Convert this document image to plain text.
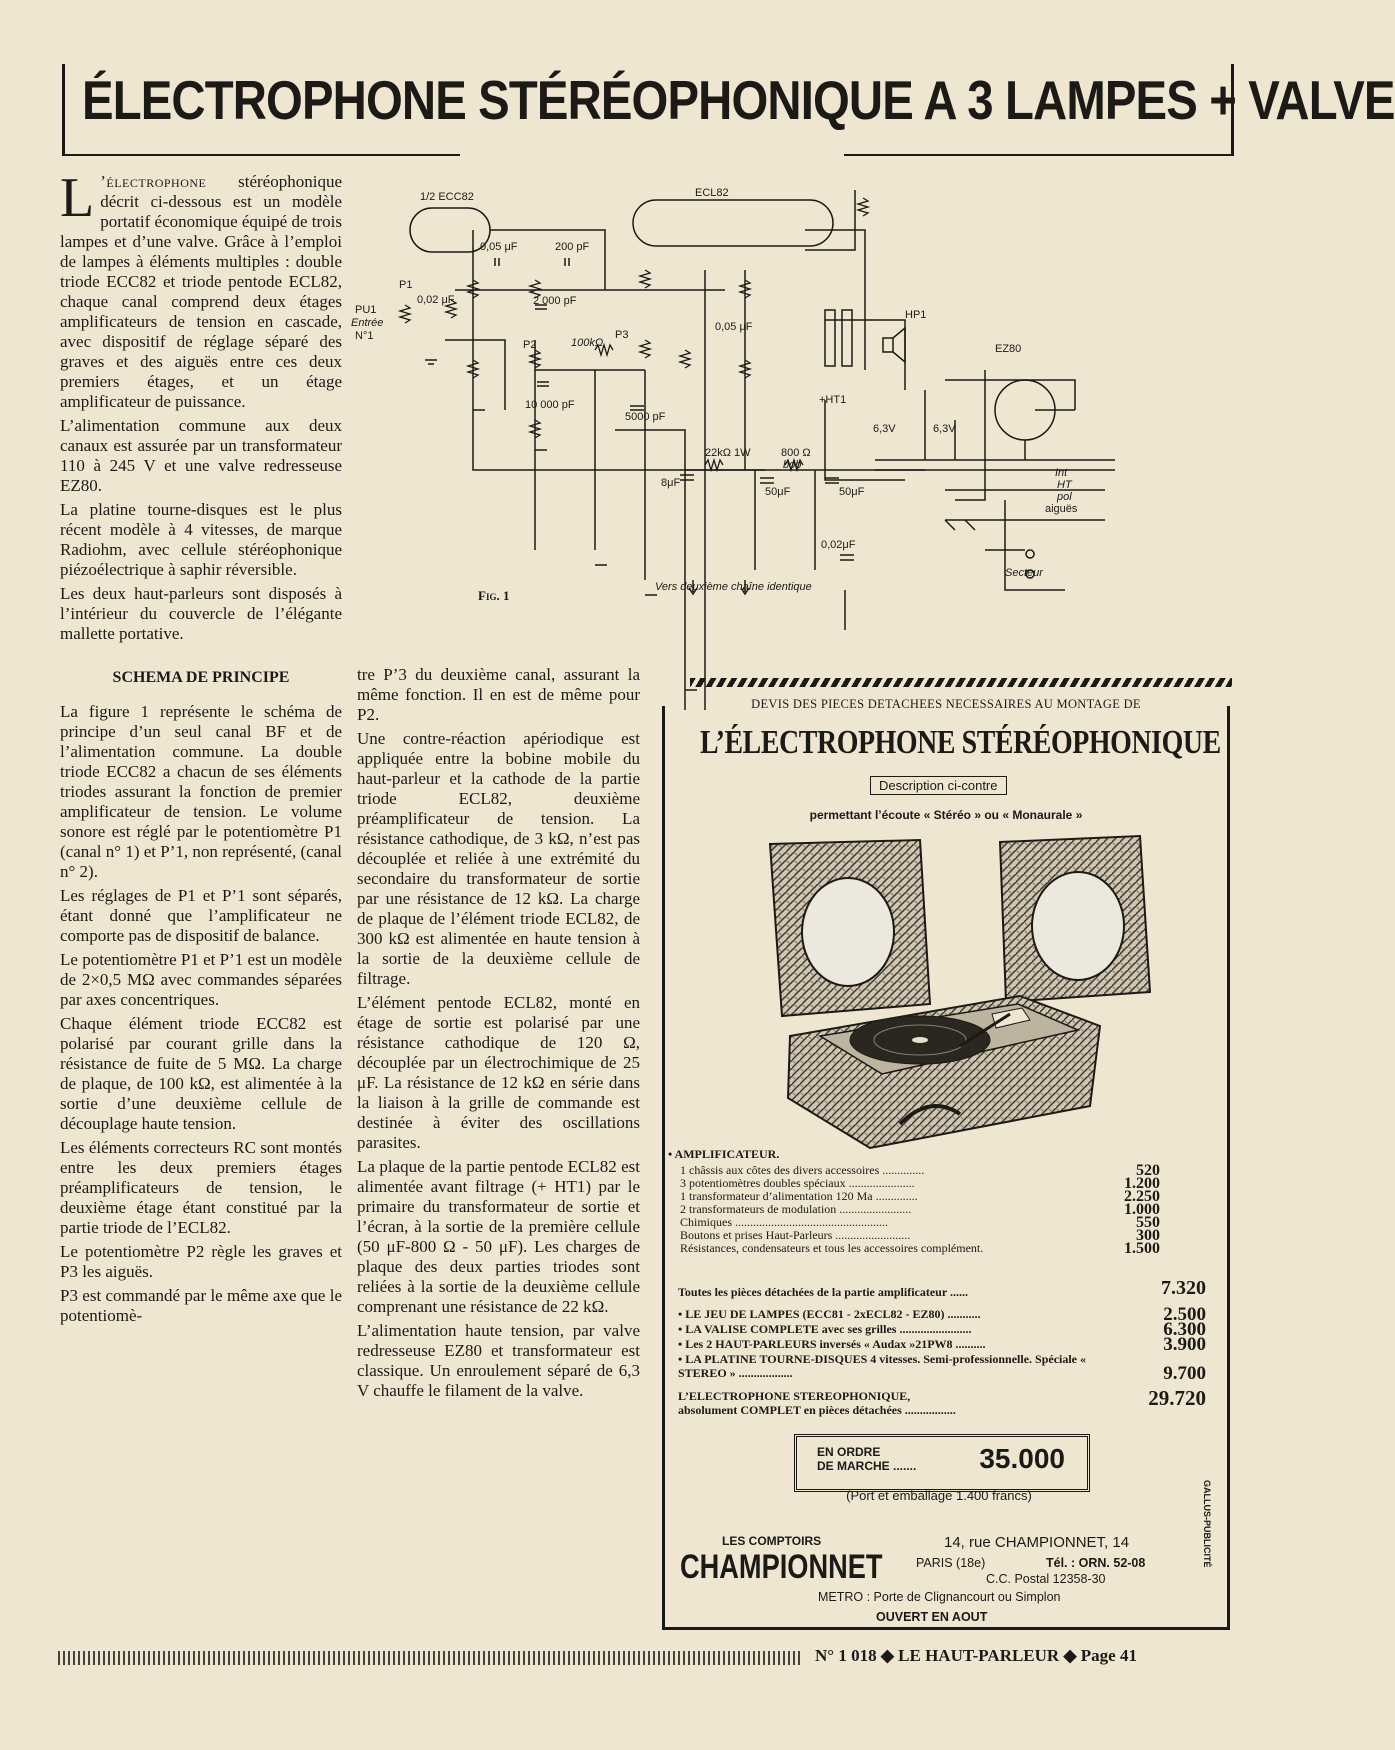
ÉLECTROPHONE STÉRÉOPHONIQUE A 3 LAMPES + VALVE

L ’électrophone stéréophonique décrit ci-dessous est un modèle portatif économique équipé de trois lampes et d’une valve. Grâce à l’emploi de lampes à éléments multiples : double triode ECC82 et triode pentode ECL82, chaque canal comprend deux étages amplificateurs de tension en cascade, avec dispositif de réglage séparé des graves et des aiguës entre ces deux premiers étages, et un étage amplificateur de puissance.

L’alimentation commune aux deux canaux est assurée par un transformateur 110 à 245 V et une valve redresseuse EZ80.

La platine tourne-disques est le plus récent modèle à 4 vitesses, de marque Radiohm, avec cellule stéréophonique piézoélectrique à saphir réversible.

Les deux haut-parleurs sont disposés à l’intérieur du couvercle de l’élégante mallette portative.

SCHEMA DE PRINCIPE

La figure 1 représente le schéma de principe d’un seul canal BF et de l’alimentation commune. La double triode ECC82 a chacun de ses éléments triodes assurant la fonction de premier amplificateur de tension. Le volume sonore est réglé par le potentiomètre P1 (canal n° 1) et P’1, non représenté, (canal n° 2).

Les réglages de P1 et P’1 sont séparés, étant donné que l’amplificateur ne comporte pas de dispositif de balance.

Le potentiomètre P1 et P’1 est un modèle de 2×0,5 MΩ avec commandes séparées par axes concentriques.

Chaque élément triode ECC82 est polarisé par courant grille dans la résistance de fuite de 5 MΩ. La charge de plaque, de 100 kΩ, est alimentée à la sortie d’une deuxième cellule de découplage haute tension.

Les éléments correcteurs RC sont montés entre les deux premiers étages préamplificateurs de tension, le deuxième étage étant constitué par la partie triode de l’ECL82.

Le potentiomètre P2 règle les graves et P3 les aiguës.

P3 est commandé par le même axe que le potentiomè-

tre P’3 du deuxième canal, assurant la même fonction. Il en est de même pour P2.

Une contre-réaction apériodique est appliquée entre la bobine mobile du haut-parleur et la cathode de la partie triode ECL82, deuxième préamplificateur de tension. La résistance cathodique, de 3 kΩ, n’est pas découplée et reliée à une extrémité du secondaire du transformateur de sortie par une résistance de 12 kΩ. La charge de plaque de l’élément triode ECL82, de 300 kΩ est alimentée en haute tension à la sortie de la deuxième cellule de filtrage.

L’élément pentode ECL82, monté en étage de sortie est polarisé par une résistance cathodique de 120 Ω, découplée par un électrochimique de 25 μF. La résistance de 12 kΩ en série dans la liaison à la grille de commande est destinée à éviter des oscillations parasites.

La plaque de la partie pentode ECL82 est alimentée avant filtrage (+ HT1) par le primaire du transformateur de sortie et l’écran, à la sortie de la première cellule (50 μF-800 Ω - 50 μF). Les charges de plaque des deux parties triodes sont reliées à la sortie de la deuxième cellule comprenant une résistance de 22 kΩ.

L’alimentation haute tension, par valve redresseuse EZ80 et transformateur est classique. Un enroulement séparé de 6,3 V chauffe le filament de la valve.

1/2 ECC82	ECL82
PU1
Entrée
N°1
P1
0,02 μF
0,05 μF	200 pF
2 000 pF
10 000 pF
5000 pF
P2	100kΩ
P3
0,05 μF
+HT1
HP1
EZ80
6,3V	6,3V
22kΩ 1W	800 Ω
bob
8μF
50μF	50μF
0,02μF
Int
HT
pol
aiguës
Secteur
Vers deuxième chaîne identique
Fig. 1
DEVIS DES PIECES DETACHEES NECESSAIRES AU MONTAGE DE
L’ÉLECTROPHONE STÉRÉOPHONIQUE
Description ci-contre
permettant l’écoute « Stéréo » ou « Monaurale »
• AMPLIFICATEUR.
1 châssis aux côtes des divers accessoires ..............	520
3 potentiomètres doubles spéciaux ......................	1.200
1 transformateur d’alimentation 120 Ma ..............	2.250
2 transformateurs de modulation ........................	1.000
Chimiques ...................................................	550
Boutons et prises Haut-Parleurs .........................	300
Résistances, condensateurs et tous les accessoires complément.	1.500
Toutes les pièces détachées de la partie amplificateur ......	7.320
• LE JEU DE LAMPES (ECC81 - 2xECL82 - EZ80) ...........	2.500
• LA VALISE COMPLETE avec ses grilles ........................	6.300
• Les 2 HAUT-PARLEURS inversés « Audax »21PW8 ..........	3.900
• LA PLATINE TOURNE-DISQUES 4 vitesses. Semi-professionnelle. Spéciale « STEREO » ..................	9.700
L’ELECTROPHONE STEREOPHONIQUE,
absolument COMPLET en pièces détachées .................	29.720
EN ORDRE
DE MARCHE ....... 35.000
(Port et emballage 1.400 francs)
LES COMPTOIRS
CHAMPIONNET
14, rue CHAMPIONNET, 14
PARIS (18e)	Tél. : ORN. 52-08
C.C. Postal 12358-30
METRO : Porte de Clignancourt ou Simplon
OUVERT EN AOUT
GALLUS-PUBLICITÉ
N° 1 018 ◆ LE HAUT-PARLEUR ◆ Page 41
